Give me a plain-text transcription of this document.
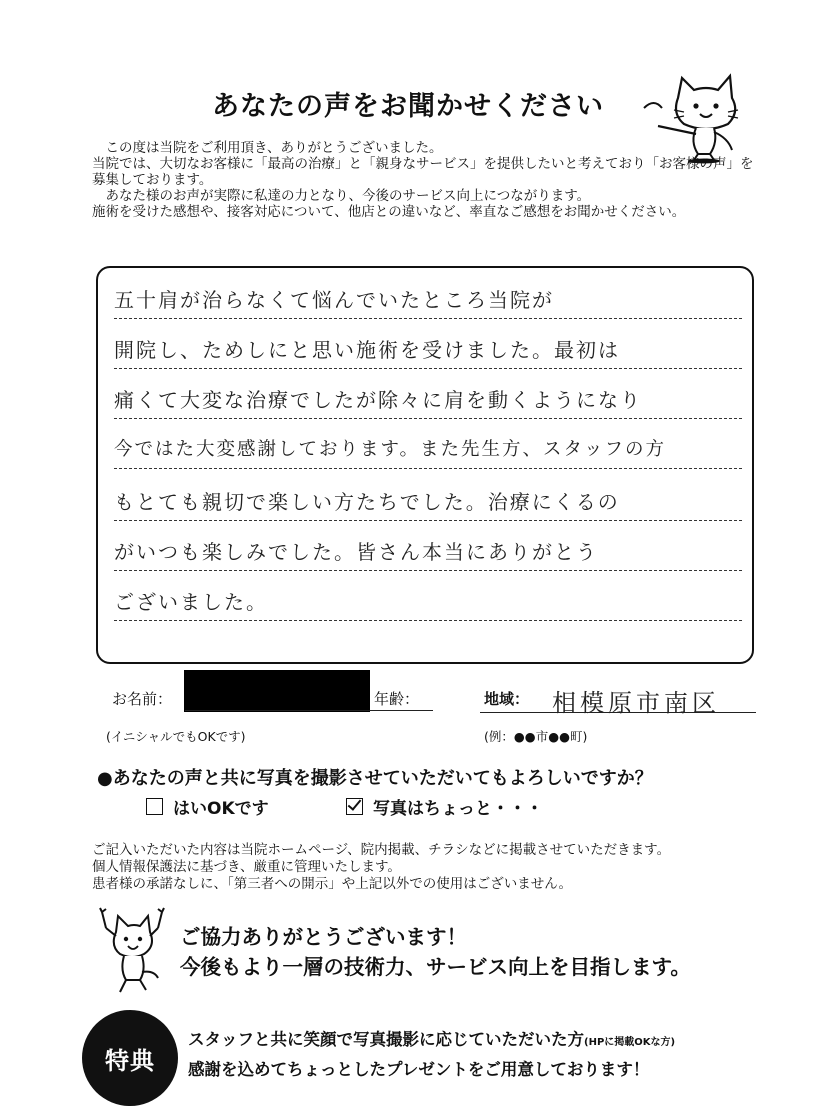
あなたの声をお聞かせください

この度は当院をご利用頂き、ありがとうございました。

当院では、大切なお客様に「最高の治療」と「親身なサービス」を提供したいと考えており「お客様の声」を募集しております。

あなた様のお声が実際に私達の力となり、今後のサービス向上につながります。

施術を受けた感想や、接客対応について、他店との違いなど、率直なご感想をお聞かせください。

五十肩が治らなくて悩んでいたところ当院が
開院し、ためしにと思い施術を受けました。最初は
痛くて大変な治療でしたが除々に肩を動くようになり
今ではた大変感謝しております。また先生方、スタッフの方
もとても親切で楽しい方たちでした。治療にくるの
がいつも楽しみでした。皆さん本当にありがとう
ございました。
お名前：	年齢：	地域： 相模原市南区
(イニシャルでもOKです)	(例：●●市●●町)
●あなたの声と共に写真を撮影させていただいてもよろしいですか？
はいOKです	写真はちょっと・・・

ご記入いただいた内容は当院ホームページ、院内掲載、チラシなどに掲載させていただきます。

個人情報保護法に基づき、厳重に管理いたします。

患者様の承諾なしに、「第三者への開示」や上記以外での使用はございません。

ご協力ありがとうございます！

今後もより一層の技術力、サービス向上を目指します。

特典

スタッフと共に笑顔で写真撮影に応じていただいた方(HPに掲載OKな方)

感謝を込めてちょっとしたプレゼントをご用意しております！
